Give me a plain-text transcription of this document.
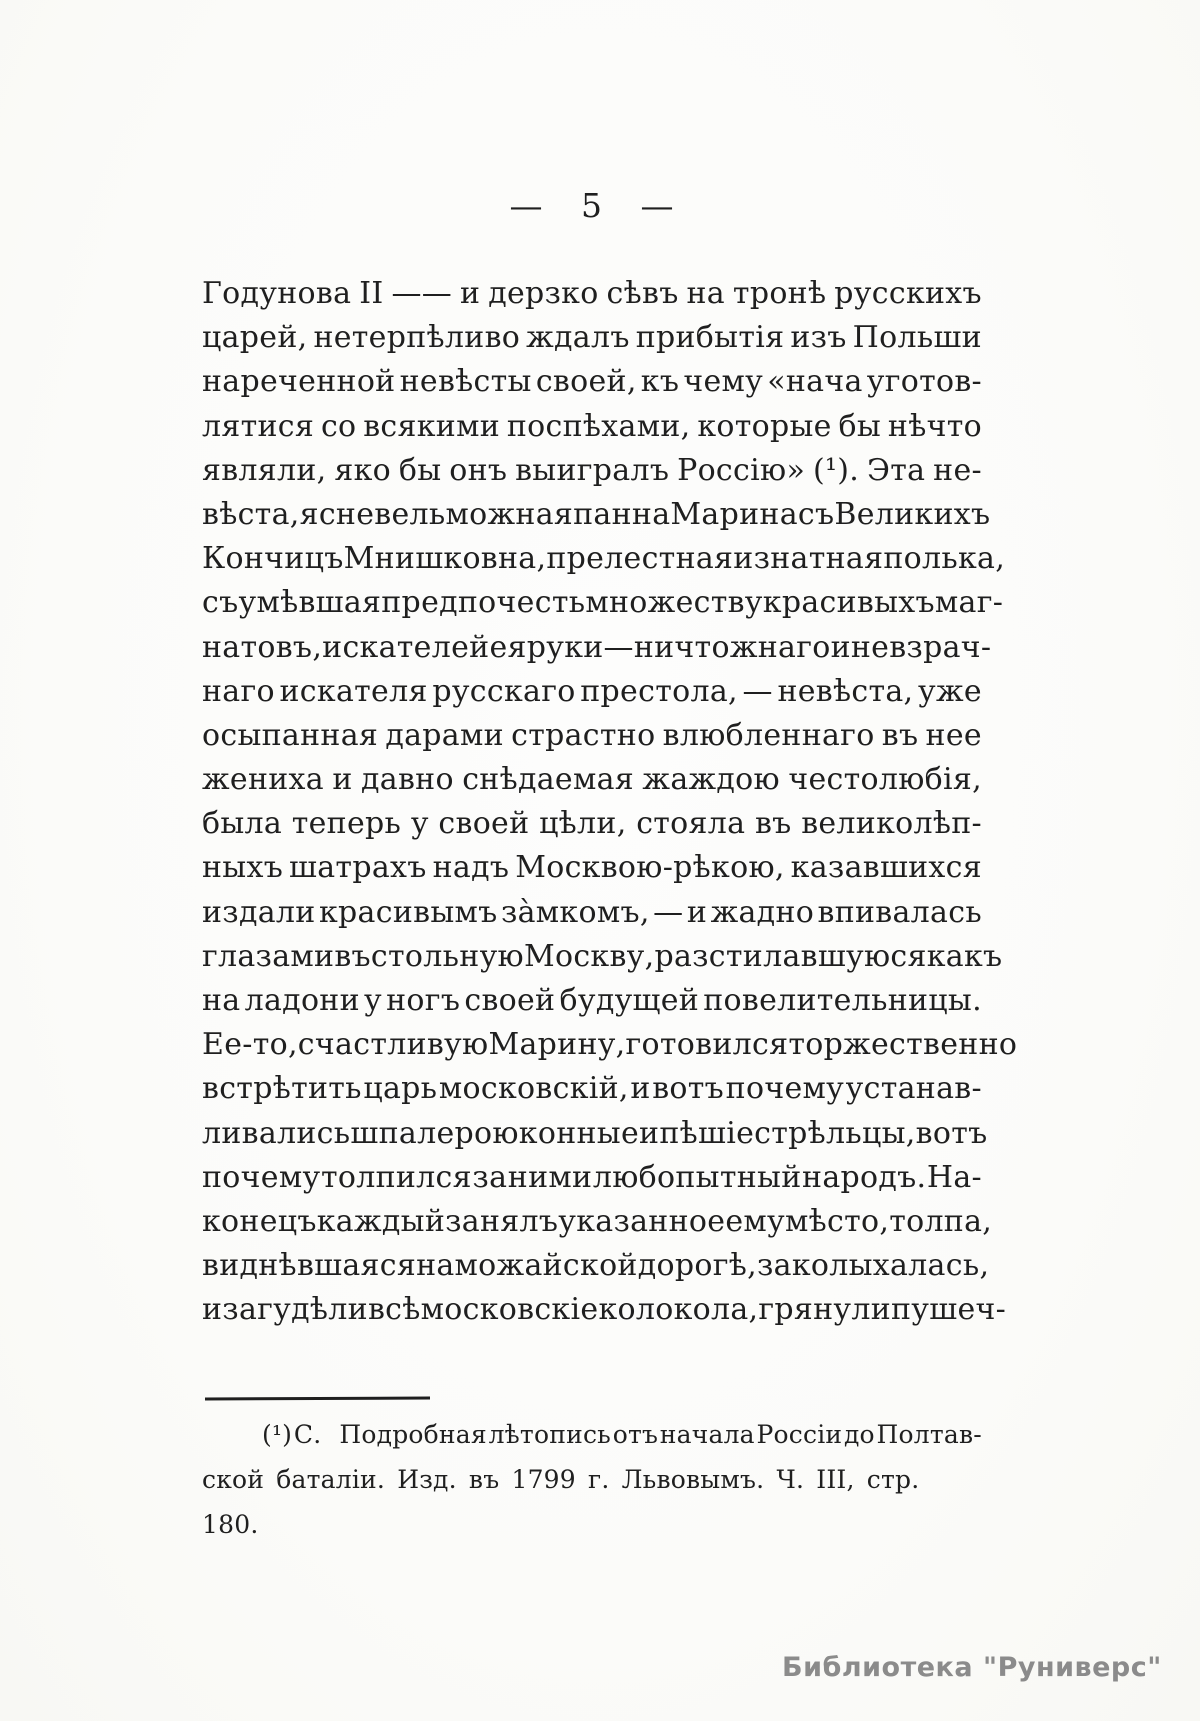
— 5 —
Годунова II —— и дерзко сѣвъ на тронѣ русскихъ
царей, нетерпѣливо ждалъ прибытія изъ Польши
нареченной невѣсты своей, къ чему «нача уготов-
лятися со всякими поспѣхами, которые бы нѣчто
являли, яко бы онъ выигралъ Россію» (¹). Эта не-
вѣста, ясневельможная панна Марина съ Великихъ
Кончицъ Мнишковна, прелестная и знатная полька,
съумѣвшая предпочесть множеству красивыхъ маг-
натовъ, искателей ея руки—ничтожнаго и невзрач-
наго искателя русскаго престола, — невѣста, уже
осыпанная дарами страстно влюбленнаго въ нее
жениха и давно снѣдаемая жаждою честолюбія,
была теперь у своей цѣли, стояла въ великолѣп-
ныхъ шатрахъ надъ Москвою-рѣкою, казавшихся
издали красивымъ за̀мкомъ, — и жадно впивалась
глазами въ стольную Москву, разстилавшуюся какъ
на ладони у ногъ своей будущей повелительницы.
Ее-то, счастливую Марину, готовился торжественно
встрѣтить царь московскій, и вотъ почему устанав-
ливались шпалерою конные и пѣшіе стрѣльцы, вотъ
почему толпился за ними любопытный народъ. На-
конецъ каждый занялъ указанное ему мѣсто, толпа,
виднѣвшаяся на можайской дорогѣ, заколыхалась,
и загудѣли всѣ московскіе колокола, грянули пушеч-
(¹) С. Подробная лѣтопись отъ начала Россіи до Полтав-
ской баталіи. Изд. въ 1799 г. Львовымъ. Ч. III, стр. 180.
Библиотека "Руниверс"
